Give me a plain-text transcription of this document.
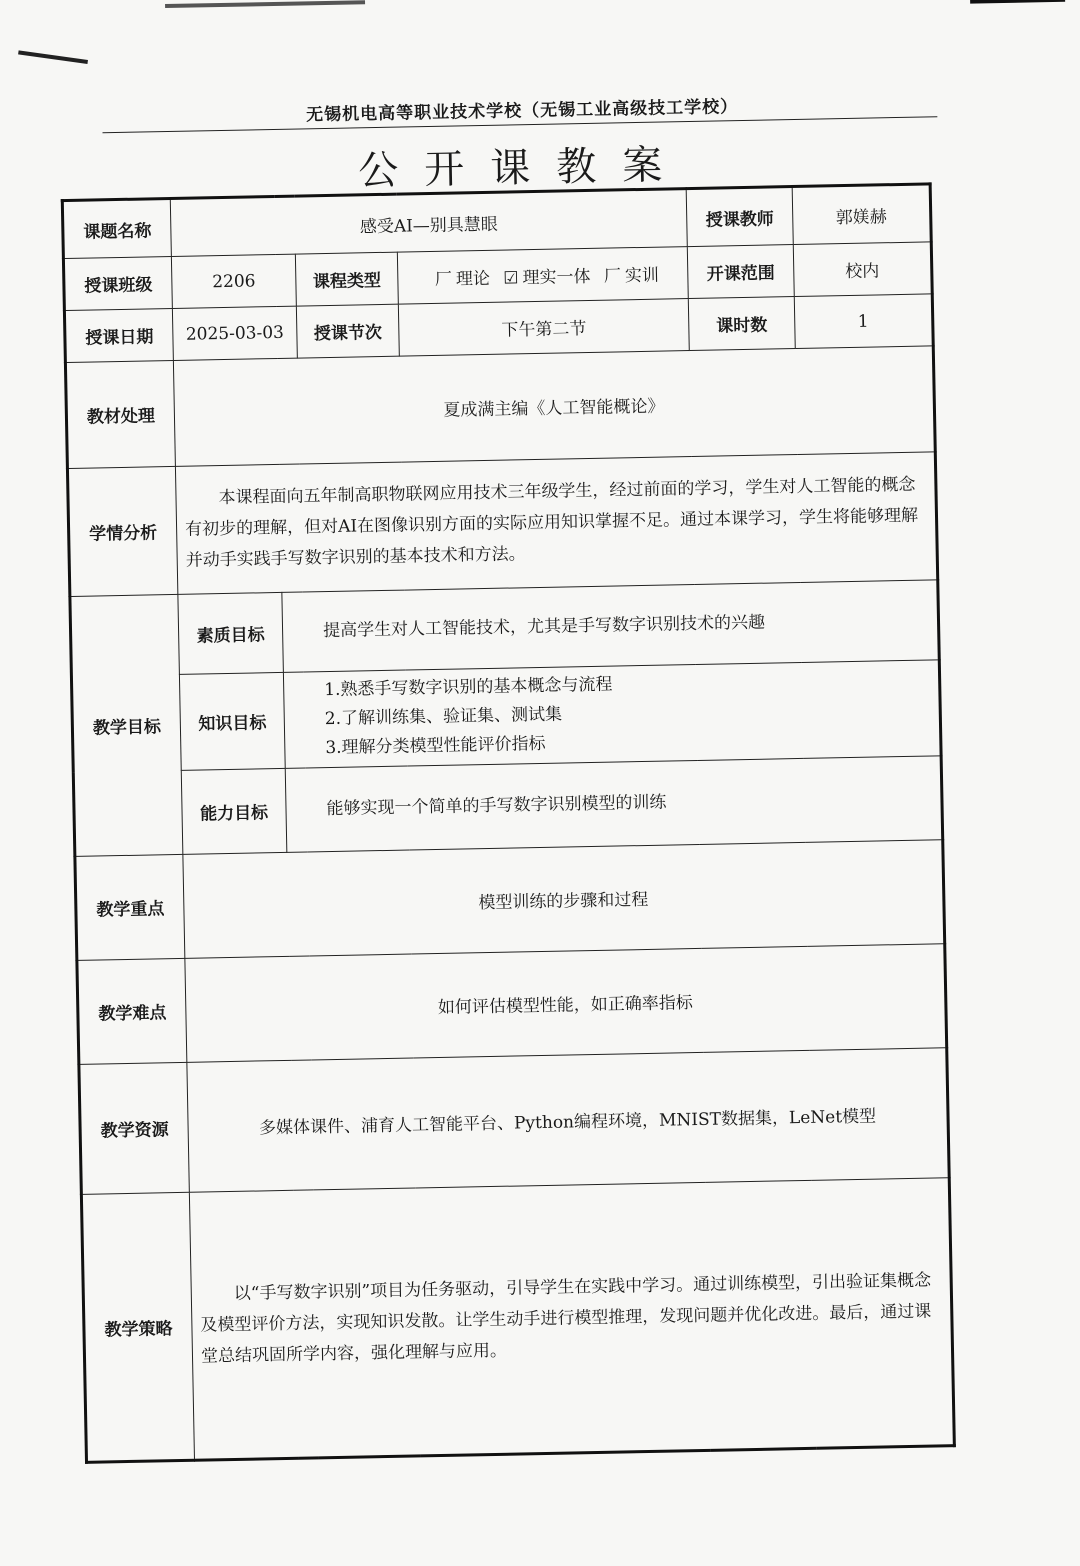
无锡机电高等职业技术学校（无锡工业高级技工学校）
公开课教案
课题名称	感受AI—别具慧眼				授课教师	郭媄赫
授课班级	2206		课程类型	厂 理论 ☑ 理实一体 厂 实训	开课范围	校内
授课日期	2025-03-03		授课节次	下午第二节	课时数	1
教材处理	夏成满主编《人工智能概论》					
学情分析	本课程面向五年制高职物联网应用技术三年级学生，经过前面的学习，学生对人工智能的概念有初步的理解，但对AI在图像识别方面的实际应用知识掌握不足。通过本课学习，学生将能够理解并动手实践手写数字识别的基本技术和方法。					
教学目标	素质目标	提高学生对人工智能技术，尤其是手写数字识别技术的兴趣				
	知识目标	1.熟悉手写数字识别的基本概念与流程
2.了解训练集、验证集、测试集
3.理解分类模型性能评价指标				

	能力目标	能够实现一个简单的手写数字识别模型的训练				
教学重点	模型训练的步骤和过程					
教学难点	如何评估模型性能，如正确率指标					
教学资源	多媒体课件、浦育人工智能平台、Python编程环境，MNIST数据集，LeNet模型					
教学策略	以“手写数字识别”项目为任务驱动，引导学生在实践中学习。通过训练模型，引出验证集概念及模型评价方法，实现知识发散。让学生动手进行模型推理，发现问题并优化改进。最后，通过课堂总结巩固所学内容，强化理解与应用。					
